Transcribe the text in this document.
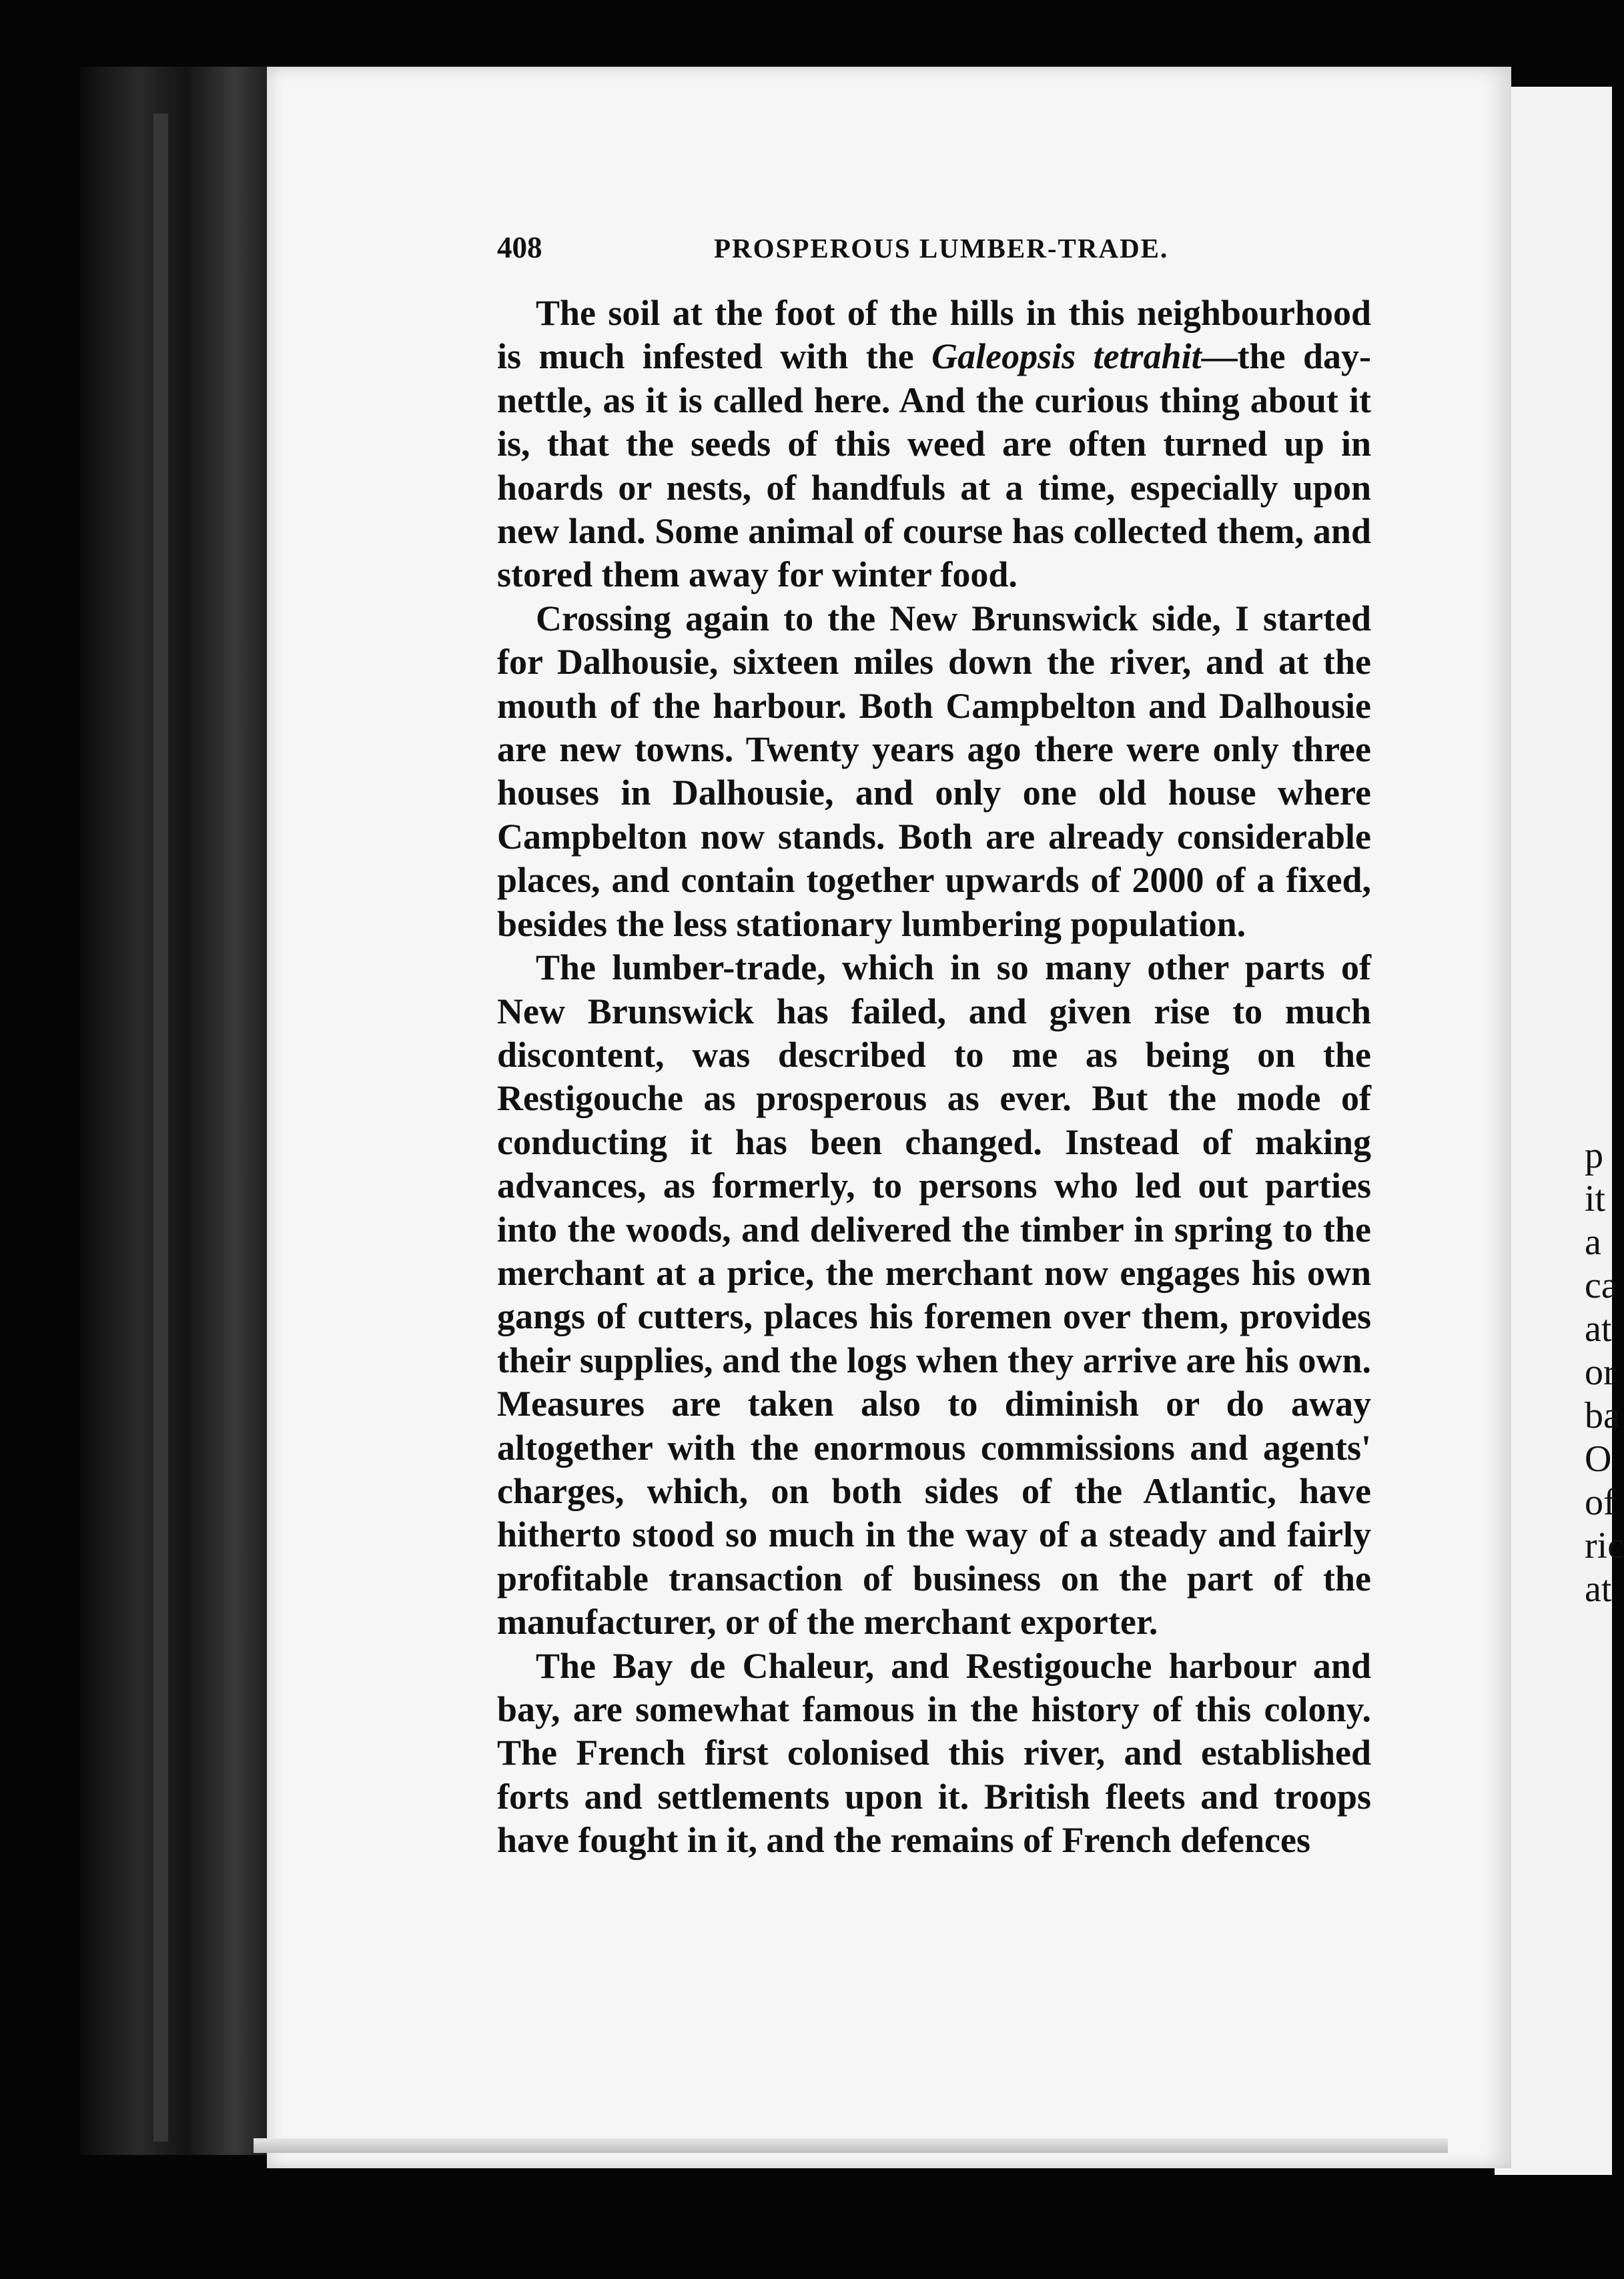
p
it
a
ca
at
or
ba
O
of
ric
at
408	PROSPEROUS LUMBER-TRADE.

The soil at the foot of the hills in this neighbourhood is much infested with the Galeopsis tetrahit—the day-nettle, as it is called here. And the curious thing about it is, that the seeds of this weed are often turned up in hoards or nests, of handfuls at a time, especially upon new land. Some animal of course has collected them, and stored them away for winter food.

Crossing again to the New Brunswick side, I started for Dalhousie, sixteen miles down the river, and at the mouth of the harbour. Both Campbelton and Dalhousie are new towns. Twenty years ago there were only three houses in Dalhousie, and only one old house where Campbelton now stands. Both are already considerable places, and contain together upwards of 2000 of a fixed, besides the less stationary lumbering population.

The lumber-trade, which in so many other parts of New Brunswick has failed, and given rise to much discontent, was described to me as being on the Restigouche as prosperous as ever. But the mode of conducting it has been changed. Instead of making advances, as formerly, to persons who led out parties into the woods, and delivered the timber in spring to the merchant at a price, the merchant now engages his own gangs of cutters, places his foremen over them, provides their supplies, and the logs when they arrive are his own. Measures are taken also to diminish or do away altogether with the enormous commissions and agents' charges, which, on both sides of the Atlantic, have hitherto stood so much in the way of a steady and fairly profitable transaction of business on the part of the manufacturer, or of the merchant exporter.

The Bay de Chaleur, and Restigouche harbour and bay, are somewhat famous in the history of this colony. The French first colonised this river, and established forts and settlements upon it. British fleets and troops have fought in it, and the remains of French defences
